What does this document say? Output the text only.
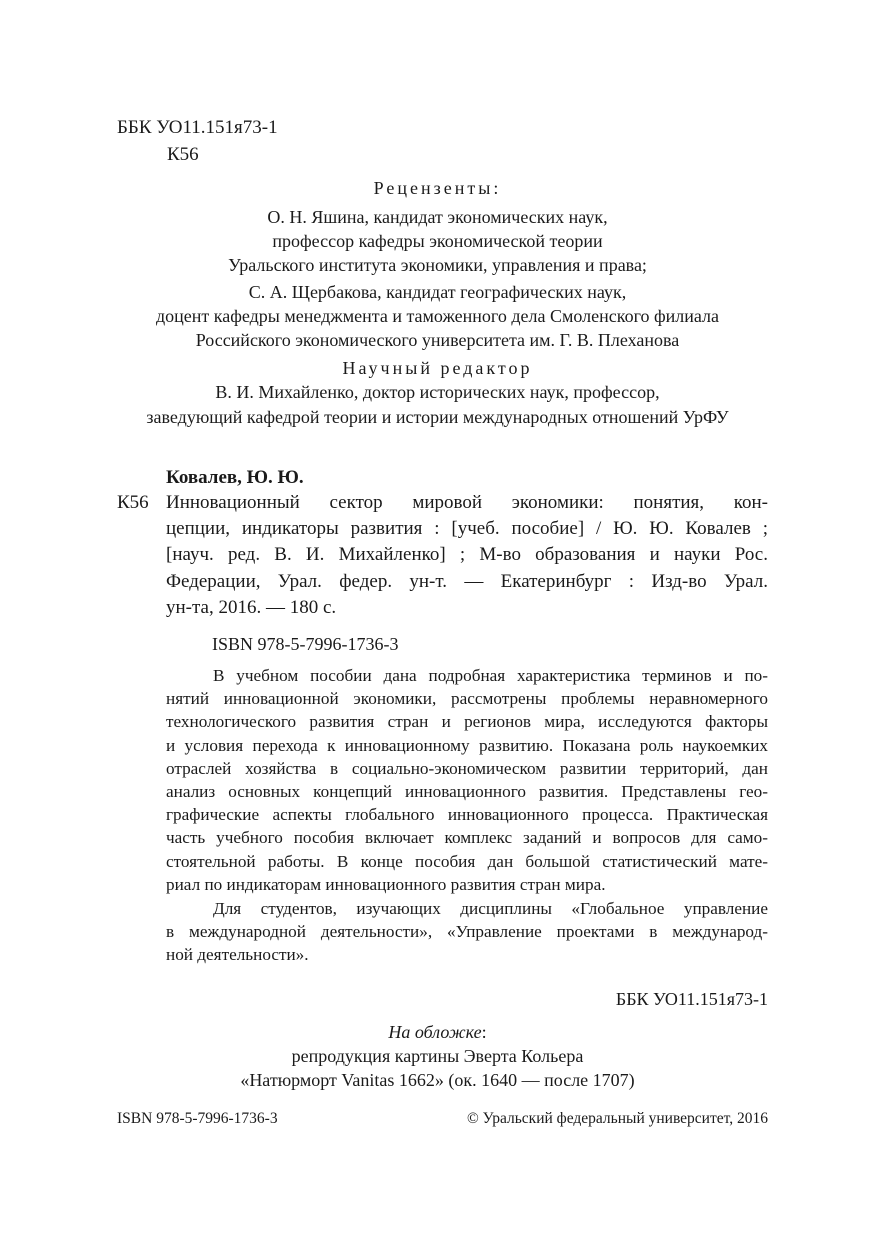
ББК УО11.151я73-1
К56
Рецензенты:
О. Н. Яшина, кандидат экономических наук,
профессор кафедры экономической теории
Уральского института экономики, управления и права;
С. А. Щербакова, кандидат географических наук,
доцент кафедры менеджмента и таможенного дела Смоленского филиала
Российского экономического университета им. Г. В. Плеханова
Научный редактор
В. И. Михайленко, доктор исторических наук, профессор,
заведующий кафедрой теории и истории международных отношений УрФУ
Ковалев, Ю. Ю.
К56 Инновационный сектор мировой экономики: понятия, кон-
цепции, индикаторы развития : [учеб. пособие] / Ю. Ю. Ковалев ;
[науч. ред. В. И. Михайленко] ; М-во образования и науки Рос.
Федерации, Урал. федер. ун-т. — Екатеринбург : Изд-во Урал.
ун-та, 2016. — 180 с.
ISBN 978-5-7996-1736-3
В учебном пособии дана подробная характеристика терминов и по-
нятий инновационной экономики, рассмотрены проблемы неравномерного
технологического развития стран и регионов мира, исследуются факторы
и условия перехода к инновационному развитию. Показана роль наукоемких
отраслей хозяйства в социально-экономическом развитии территорий, дан
анализ основных концепций инновационного развития. Представлены гео-
графические аспекты глобального инновационного процесса. Практическая
часть учебного пособия включает комплекс заданий и вопросов для само-
стоятельной работы. В конце пособия дан большой статистический мате-
риал по индикаторам инновационного развития стран мира.
Для студентов, изучающих дисциплины «Глобальное управление
в международной деятельности», «Управление проектами в международ-
ной деятельности».
ББК УО11.151я73-1
На обложке:
репродукция картины Эверта Кольера
«Натюрморт Vanitas 1662» (ок. 1640 — после 1707)
ISBN 978-5-7996-1736-3	© Уральский федеральный университет, 2016
